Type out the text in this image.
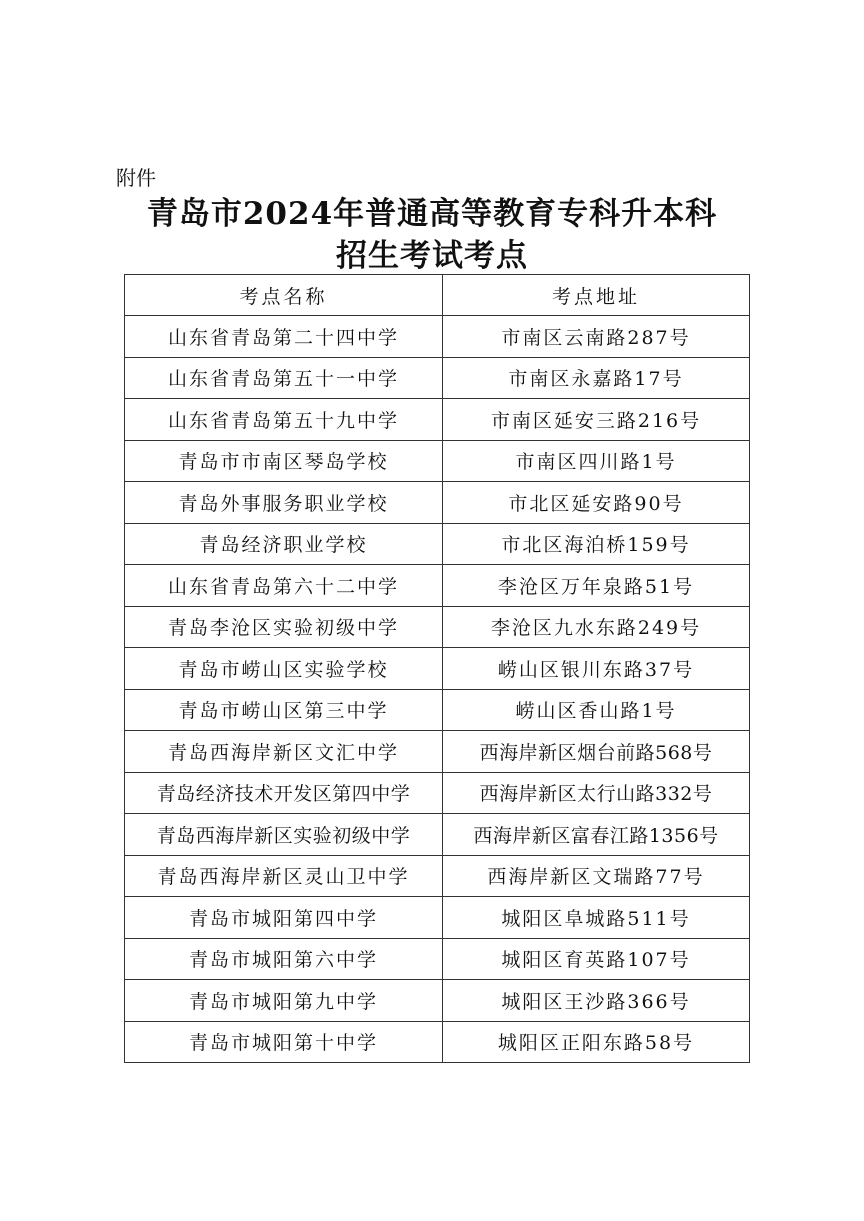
附件
青岛市2024年普通高等教育专科升本科
招生考试考点
考点名称	考点地址
山东省青岛第二十四中学	市南区云南路287号
山东省青岛第五十一中学	市南区永嘉路17号
山东省青岛第五十九中学	市南区延安三路216号
青岛市市南区琴岛学校	市南区四川路1号
青岛外事服务职业学校	市北区延安路90号
青岛经济职业学校	市北区海泊桥159号
山东省青岛第六十二中学	李沧区万年泉路51号
青岛李沧区实验初级中学	李沧区九水东路249号
青岛市崂山区实验学校	崂山区银川东路37号
青岛市崂山区第三中学	崂山区香山路1号
青岛西海岸新区文汇中学	西海岸新区烟台前路568号
青岛经济技术开发区第四中学	西海岸新区太行山路332号
青岛西海岸新区实验初级中学	西海岸新区富春江路1356号
青岛西海岸新区灵山卫中学	西海岸新区文瑞路77号
青岛市城阳第四中学	城阳区阜城路511号
青岛市城阳第六中学	城阳区育英路107号
青岛市城阳第九中学	城阳区王沙路366号
青岛市城阳第十中学	城阳区正阳东路58号
